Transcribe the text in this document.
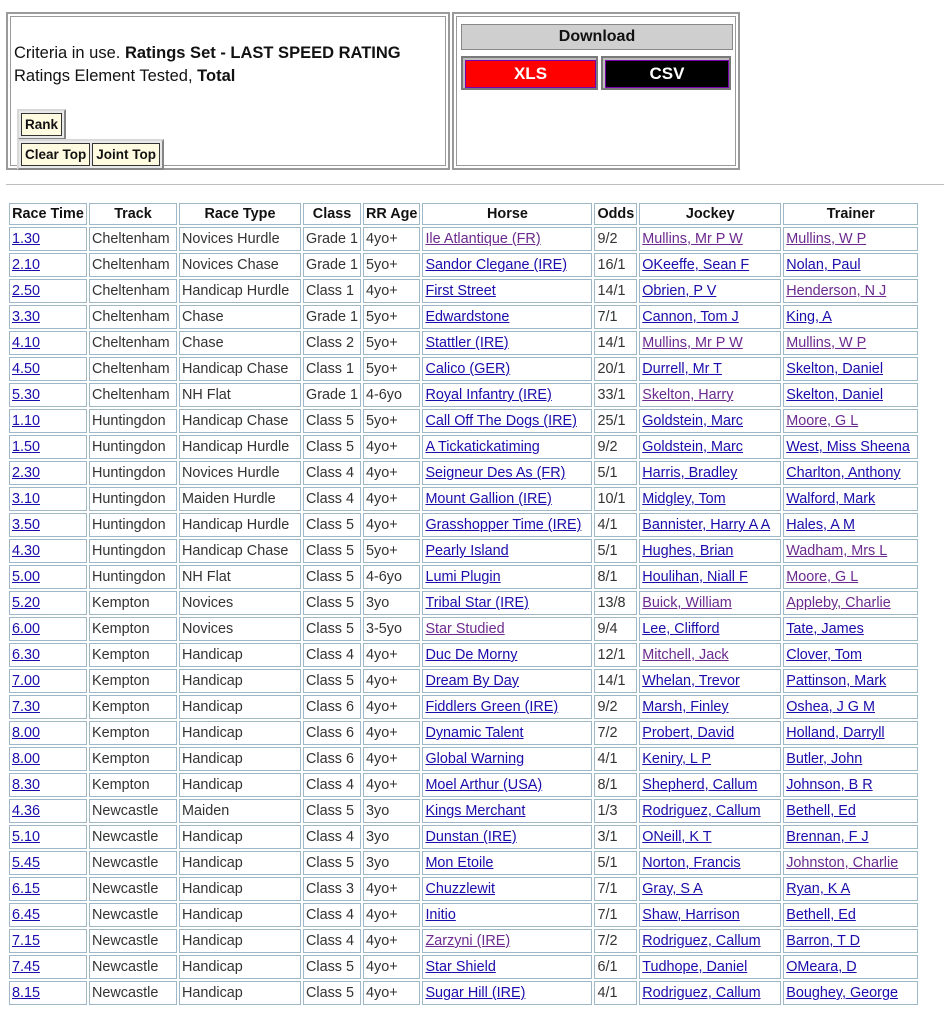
Criteria in use. Ratings Set - LAST SPEED RATING
Ratings Element Tested, Total
Rank
Clear Top Joint Top
Download
XLS	CSV
Race Time	Track	Race Type	Class	RR Age	Horse	Odds	Jockey	Trainer
1.30	Cheltenham	Novices Hurdle	Grade 1	4yo+	Ile Atlantique (FR)	9/2	Mullins, Mr P W	Mullins, W P
2.10	Cheltenham	Novices Chase	Grade 1	5yo+	Sandor Clegane (IRE)	16/1	OKeeffe, Sean F	Nolan, Paul
2.50	Cheltenham	Handicap Hurdle	Class 1	4yo+	First Street	14/1	Obrien, P V	Henderson, N J
3.30	Cheltenham	Chase	Grade 1	5yo+	Edwardstone	7/1	Cannon, Tom J	King, A
4.10	Cheltenham	Chase	Class 2	5yo+	Stattler (IRE)	14/1	Mullins, Mr P W	Mullins, W P
4.50	Cheltenham	Handicap Chase	Class 1	5yo+	Calico (GER)	20/1	Durrell, Mr T	Skelton, Daniel
5.30	Cheltenham	NH Flat	Grade 1	4-6yo	Royal Infantry (IRE)	33/1	Skelton, Harry	Skelton, Daniel
1.10	Huntingdon	Handicap Chase	Class 5	5yo+	Call Off The Dogs (IRE)	25/1	Goldstein, Marc	Moore, G L
1.50	Huntingdon	Handicap Hurdle	Class 5	4yo+	A Tickatickatiming	9/2	Goldstein, Marc	West, Miss Sheena
2.30	Huntingdon	Novices Hurdle	Class 4	4yo+	Seigneur Des As (FR)	5/1	Harris, Bradley	Charlton, Anthony
3.10	Huntingdon	Maiden Hurdle	Class 4	4yo+	Mount Gallion (IRE)	10/1	Midgley, Tom	Walford, Mark
3.50	Huntingdon	Handicap Hurdle	Class 5	4yo+	Grasshopper Time (IRE)	4/1	Bannister, Harry A A	Hales, A M
4.30	Huntingdon	Handicap Chase	Class 5	5yo+	Pearly Island	5/1	Hughes, Brian	Wadham, Mrs L
5.00	Huntingdon	NH Flat	Class 5	4-6yo	Lumi Plugin	8/1	Houlihan, Niall F	Moore, G L
5.20	Kempton	Novices	Class 5	3yo	Tribal Star (IRE)	13/8	Buick, William	Appleby, Charlie
6.00	Kempton	Novices	Class 5	3-5yo	Star Studied	9/4	Lee, Clifford	Tate, James
6.30	Kempton	Handicap	Class 4	4yo+	Duc De Morny	12/1	Mitchell, Jack	Clover, Tom
7.00	Kempton	Handicap	Class 5	4yo+	Dream By Day	14/1	Whelan, Trevor	Pattinson, Mark
7.30	Kempton	Handicap	Class 6	4yo+	Fiddlers Green (IRE)	9/2	Marsh, Finley	Oshea, J G M
8.00	Kempton	Handicap	Class 6	4yo+	Dynamic Talent	7/2	Probert, David	Holland, Darryll
8.00	Kempton	Handicap	Class 6	4yo+	Global Warning	4/1	Keniry, L P	Butler, John
8.30	Kempton	Handicap	Class 4	4yo+	Moel Arthur (USA)	8/1	Shepherd, Callum	Johnson, B R
4.36	Newcastle	Maiden	Class 5	3yo	Kings Merchant	1/3	Rodriguez, Callum	Bethell, Ed
5.10	Newcastle	Handicap	Class 4	3yo	Dunstan (IRE)	3/1	ONeill, K T	Brennan, F J
5.45	Newcastle	Handicap	Class 5	3yo	Mon Etoile	5/1	Norton, Francis	Johnston, Charlie
6.15	Newcastle	Handicap	Class 3	4yo+	Chuzzlewit	7/1	Gray, S A	Ryan, K A
6.45	Newcastle	Handicap	Class 4	4yo+	Initio	7/1	Shaw, Harrison	Bethell, Ed
7.15	Newcastle	Handicap	Class 4	4yo+	Zarzyni (IRE)	7/2	Rodriguez, Callum	Barron, T D
7.45	Newcastle	Handicap	Class 5	4yo+	Star Shield	6/1	Tudhope, Daniel	OMeara, D
8.15	Newcastle	Handicap	Class 5	4yo+	Sugar Hill (IRE)	4/1	Rodriguez, Callum	Boughey, George
